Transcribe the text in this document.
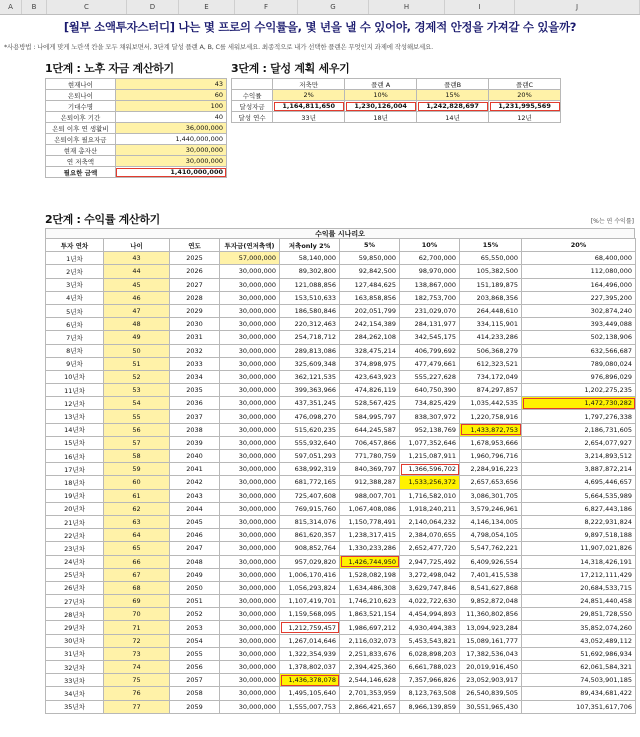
A	B	C	D	E	F	G	H	I	J
[월부 소액투자스터디] 나는 몇 프로의 수익률을, 몇 년을 낼 수 있어야, 경제적 안정을 가져갈 수 있을까?
*사용방법 : 나에게 맞게 노란색 칸을 모두 채워보면서, 3단계 달성 플랜 A, B, C를 세워보세요. 최종적으로 내가 선택한 플랜은 무엇인지 과제에 작성해보세요.
1단계 : 노후 자금 계산하기	3단계 : 달성 계획 세우기
현재나이	43
은퇴나이	60
기대수명	100
은퇴이후 기간	40
은퇴 이후 연 생활비	36,000,000
은퇴이후 필요자금	1,440,000,000
현재 총자산	30,000,000
연 저축액	30,000,000
필요한 금액	1,410,000,000
	저축만	플랜 A	플랜B	플랜C
수익률	2%	10%	15%	20%
달성자금	1,164,811,650	1,230,126,004	1,242,828,697	1,231,995,569
달성 연수	33년	18년	14년	12년
2단계 : 수익률 계산하기	[%는 연 수익률]
수익률 시나리오
투자 연차	나이	연도	투자금(연저축액)	저축only 2%	5%	10%	15%	20%
1년차	43	2025	57,000,000	58,140,000	59,850,000	62,700,000	65,550,000	68,400,000
2년차	44	2026	30,000,000	89,302,800	92,842,500	98,970,000	105,382,500	112,080,000
3년차	45	2027	30,000,000	121,088,856	127,484,625	138,867,000	151,189,875	164,496,000
4년차	46	2028	30,000,000	153,510,633	163,858,856	182,753,700	203,868,356	227,395,200
5년차	47	2029	30,000,000	186,580,846	202,051,799	231,029,070	264,448,610	302,874,240
6년차	48	2030	30,000,000	220,312,463	242,154,389	284,131,977	334,115,901	393,449,088
7년차	49	2031	30,000,000	254,718,712	284,262,108	342,545,175	414,233,286	502,138,906
8년차	50	2032	30,000,000	289,813,086	328,475,214	406,799,692	506,368,279	632,566,687
9년차	51	2033	30,000,000	325,609,348	374,898,975	477,479,661	612,323,521	789,080,024
10년차	52	2034	30,000,000	362,121,535	423,643,923	555,227,628	734,172,049	976,896,029
11년차	53	2035	30,000,000	399,363,966	474,826,119	640,750,390	874,297,857	1,202,275,235
12년차	54	2036	30,000,000	437,351,245	528,567,425	734,825,429	1,035,442,535	1,472,730,282
13년차	55	2037	30,000,000	476,098,270	584,995,797	838,307,972	1,220,758,916	1,797,276,338
14년차	56	2038	30,000,000	515,620,235	644,245,587	952,138,769	1,433,872,753	2,186,731,605
15년차	57	2039	30,000,000	555,932,640	706,457,866	1,077,352,646	1,678,953,666	2,654,077,927
16년차	58	2040	30,000,000	597,051,293	771,780,759	1,215,087,911	1,960,796,716	3,214,893,512
17년차	59	2041	30,000,000	638,992,319	840,369,797	1,366,596,702	2,284,916,223	3,887,872,214
18년차	60	2042	30,000,000	681,772,165	912,388,287	1,533,256,372	2,657,653,656	4,695,446,657
19년차	61	2043	30,000,000	725,407,608	988,007,701	1,716,582,010	3,086,301,705	5,664,535,989
20년차	62	2044	30,000,000	769,915,760	1,067,408,086	1,918,240,211	3,579,246,961	6,827,443,186
21년차	63	2045	30,000,000	815,314,076	1,150,778,491	2,140,064,232	4,146,134,005	8,222,931,824
22년차	64	2046	30,000,000	861,620,357	1,238,317,415	2,384,070,655	4,798,054,105	9,897,518,188
23년차	65	2047	30,000,000	908,852,764	1,330,233,286	2,652,477,720	5,547,762,221	11,907,021,826
24년차	66	2048	30,000,000	957,029,820	1,426,744,950	2,947,725,492	6,409,926,554	14,318,426,191
25년차	67	2049	30,000,000	1,006,170,416	1,528,082,198	3,272,498,042	7,401,415,538	17,212,111,429
26년차	68	2050	30,000,000	1,056,293,824	1,634,486,308	3,629,747,846	8,541,627,868	20,684,533,715
27년차	69	2051	30,000,000	1,107,419,701	1,746,210,623	4,022,722,630	9,852,872,048	24,851,440,458
28년차	70	2052	30,000,000	1,159,568,095	1,863,521,154	4,454,994,893	11,360,802,856	29,851,728,550
29년차	71	2053	30,000,000	1,212,759,457	1,986,697,212	4,930,494,383	13,094,923,284	35,852,074,260
30년차	72	2054	30,000,000	1,267,014,646	2,116,032,073	5,453,543,821	15,089,161,777	43,052,489,112
31년차	73	2055	30,000,000	1,322,354,939	2,251,833,676	6,028,898,203	17,382,536,043	51,692,986,934
32년차	74	2056	30,000,000	1,378,802,037	2,394,425,360	6,661,788,023	20,019,916,450	62,061,584,321
33년차	75	2057	30,000,000	1,436,378,078	2,544,146,628	7,357,966,826	23,052,903,917	74,503,901,185
34년차	76	2058	30,000,000	1,495,105,640	2,701,353,959	8,123,763,508	26,540,839,505	89,434,681,422
35년차	77	2059	30,000,000	1,555,007,753	2,866,421,657	8,966,139,859	30,551,965,430	107,351,617,706
